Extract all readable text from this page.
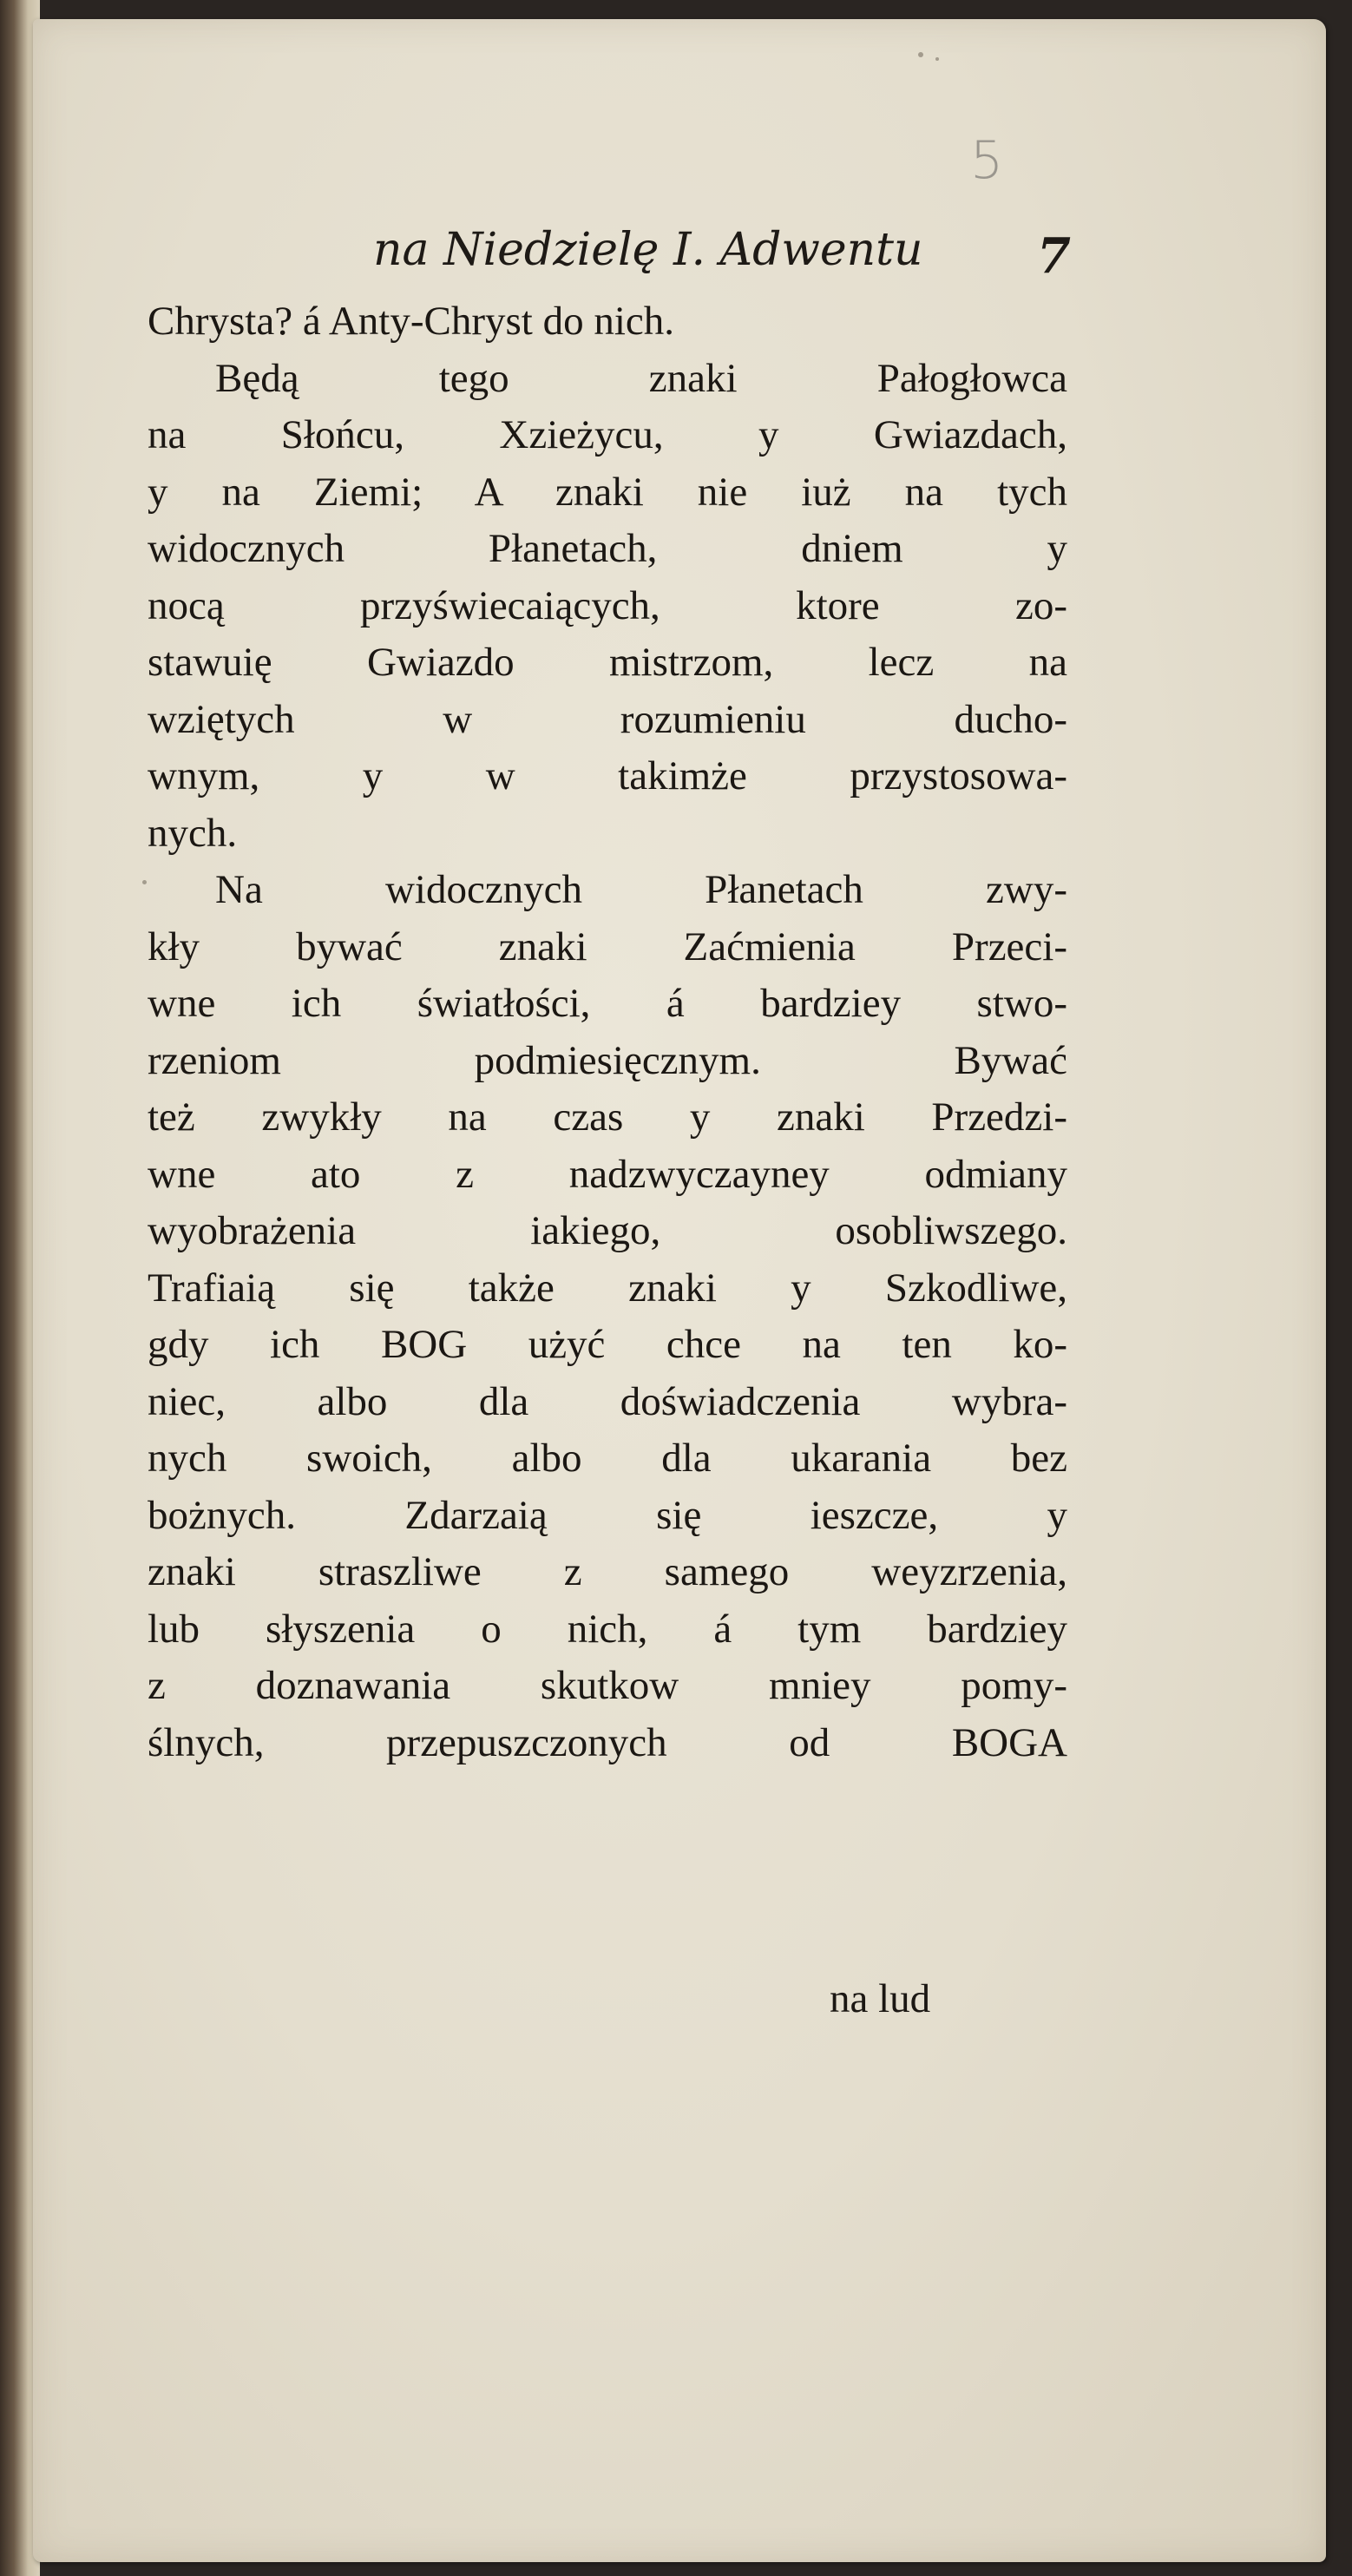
5
na Niedzielę I. Adwentu 7
Chrysta? á Anty-Chryst do nich.
Będą tego znaki Pałogłowca
na Słońcu, Xzieżycu, y Gwiazdach,
y na Ziemi; A znaki nie iuż na tych
widocznych Płanetach, dniem y
nocą przyświecaiących, ktore zo-
stawuię Gwiazdo mistrzom, lecz na
wziętych w rozumieniu ducho-
wnym, y w takimże przystosowa-
nych.
Na widocznych Płanetach zwy-
kły bywać znaki Zaćmienia Przeci-
wne ich światłości, á bardziey stwo-
rzeniom podmiesięcznym. Bywać
też zwykły na czas y znaki Przedzi-
wne ato z nadzwyczayney odmiany
wyobrażenia iakiego, osobliwszego.
Trafiaią się także znaki y Szkodliwe,
gdy ich BOG użyć chce na ten ko-
niec, albo dla doświadczenia wybra-
nych swoich, albo dla ukarania bez
bożnych. Zdarzaią się ieszcze, y
znaki straszliwe z samego weyzrzenia,
lub słyszenia o nich, á tym bardziey
z doznawania skutkow mniey pomy-
ślnych, przepuszczonych od BOGA
na lud
